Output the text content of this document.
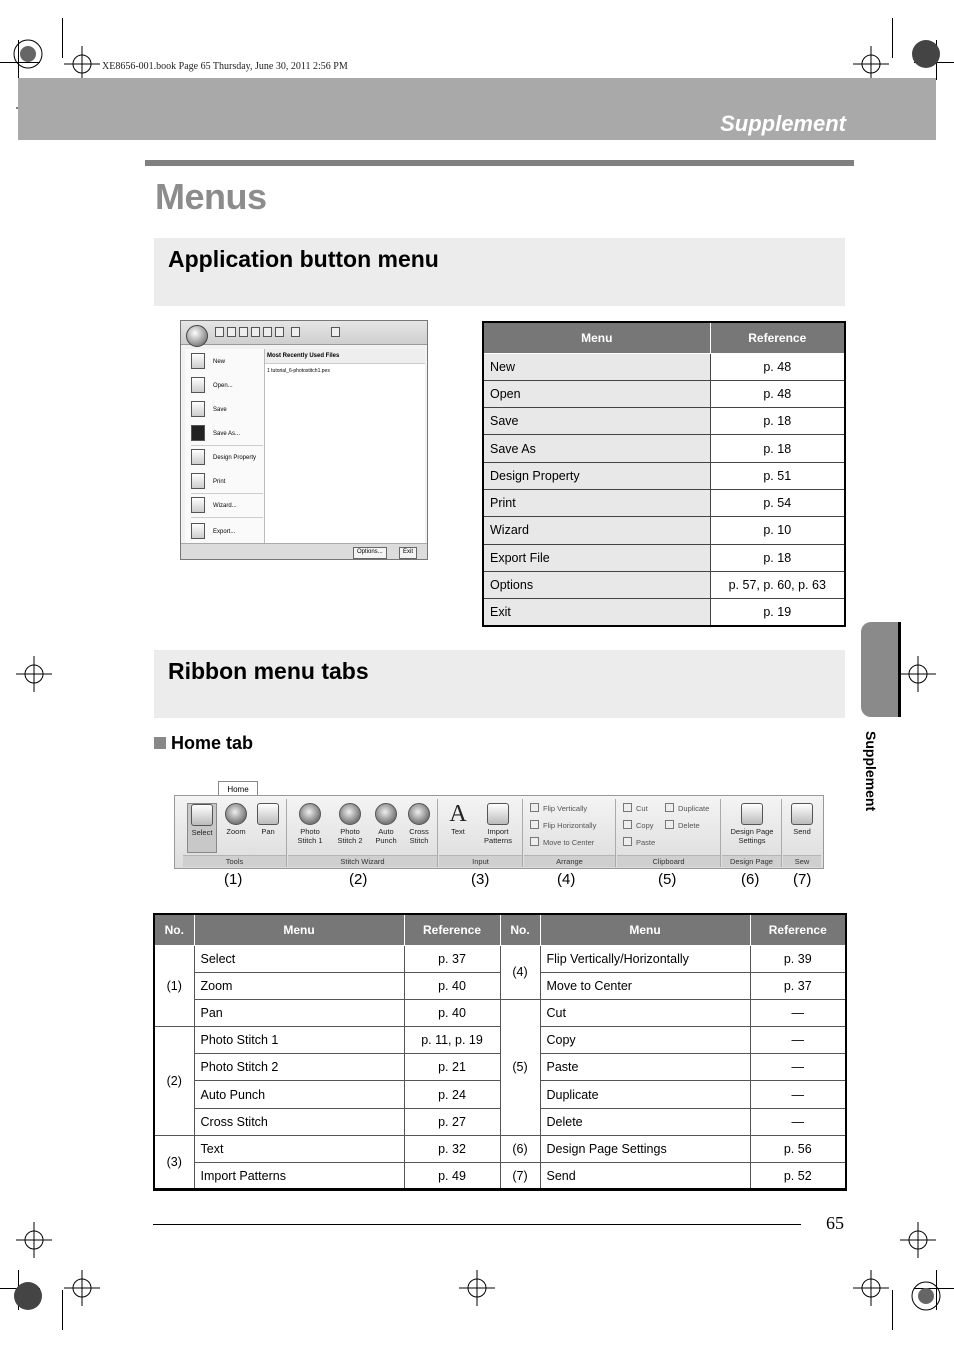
XE8656-001.book Page 65 Thursday, June 30, 2011 2:56 PM
Supplement
Menus
Application button menu
New
Open...
Save
Save As...
Design Property
Print
Wizard...
Export...
Most Recently Used Files
1 tutorial_6-photostitch1.pes
Options...	Exit
Menu	Reference
New	p. 48
Open	p. 48
Save	p. 18
Save As	p. 18
Design Property	p. 51
Print	p. 54
Wizard	p. 10
Export File	p. 18
Options	p. 57, p. 60, p. 63
Exit	p. 19
Ribbon menu tabs
Home tab
Home
Select	Zoom	Pan
Tools
Photo Stitch 1
Photo Stitch 2
Auto Punch
Cross Stitch
Stitch Wizard
A
Text	Import Patterns
Input
Flip Vertically
Flip Horizontally
Move to Center
Arrange
Cut
Copy
Paste
Duplicate
Delete
Clipboard
Design Page Settings
Design Page
Send
Sew
(1)	(2)	(3)	(4)	(5)	(6) (7)
No.	Menu	Reference	No.	Menu	Reference
(1)	Select	p. 37	(4)	Flip Vertically/Horizontally	p. 39
	Zoom	p. 40		Move to Center	p. 37
	Pan	p. 40	(5)	Cut	—
(2)	Photo Stitch 1	p. 11, p. 19		Copy	—
	Photo Stitch 2	p. 21		Paste	—
	Auto Punch	p. 24		Duplicate	—
	Cross Stitch	p. 27		Delete	—
(3)	Text	p. 32	(6)	Design Page Settings	p. 56
	Import Patterns	p. 49	(7)	Send	p. 52
Supplement
65
